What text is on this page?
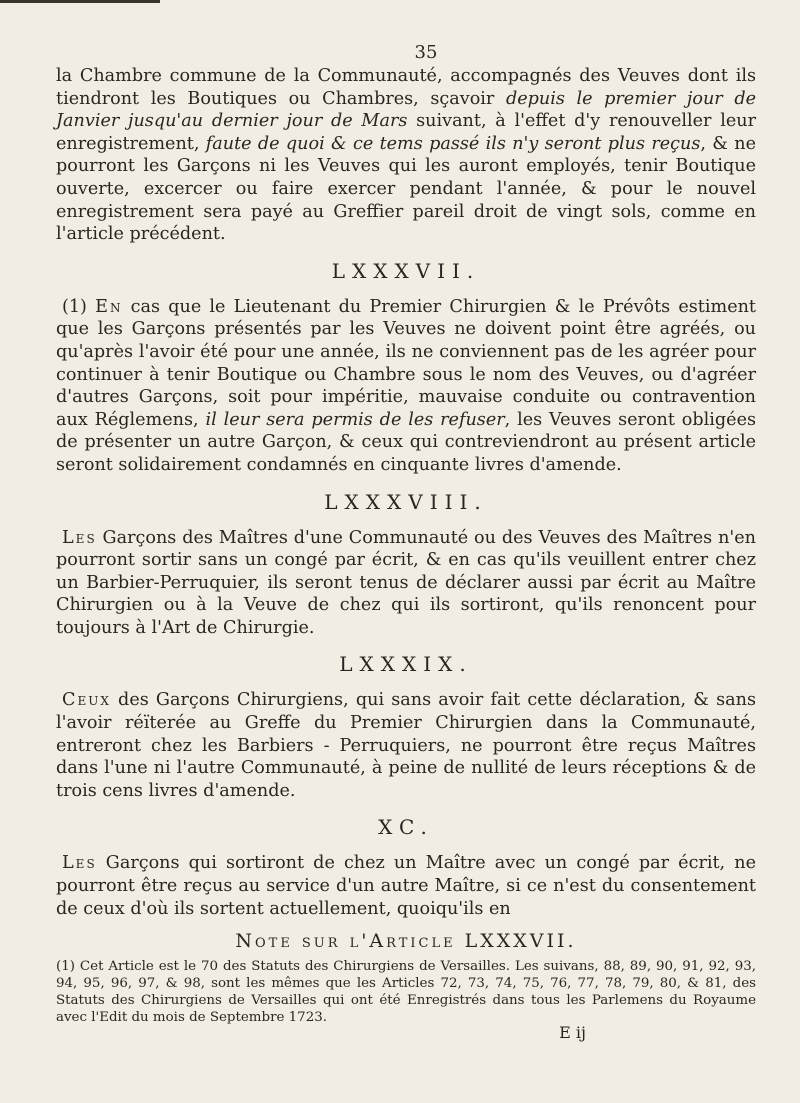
35

la Chambre commune de la Communauté, accompagnés des Veuves dont ils tiendront les Boutiques ou Chambres, sçavoir depuis le premier jour de Janvier jusqu'au dernier jour de Mars suivant, à l'effet d'y renouveller leur enregistrement, faute de quoi & ce tems passé ils n'y seront plus reçus, & ne pourront les Garçons ni les Veuves qui les auront employés, tenir Boutique ouverte, excercer ou faire exercer pendant l'année, & pour le nouvel enregistrement sera payé au Greffier pareil droit de vingt sols, comme en l'article précédent.

LXXXVII.

(1) En cas que le Lieutenant du Premier Chirurgien & le Prévôts estiment que les Garçons présentés par les Veuves ne doivent point être agréés, ou qu'après l'avoir été pour une année, ils ne conviennent pas de les agréer pour continuer à tenir Boutique ou Chambre sous le nom des Veuves, ou d'agréer d'autres Garçons, soit pour impéritie, mauvaise conduite ou contravention aux Réglemens, il leur sera permis de les refuser, les Veuves seront obligées de présenter un autre Garçon, & ceux qui contreviendront au présent article seront solidairement condamnés en cinquante livres d'amende.

LXXXVIII.

Les Garçons des Maîtres d'une Communauté ou des Veuves des Maîtres n'en pourront sortir sans un congé par écrit, & en cas qu'ils veuillent entrer chez un Barbier-Perruquier, ils seront tenus de déclarer aussi par écrit au Maître Chirurgien ou à la Veuve de chez qui ils sortiront, qu'ils renoncent pour toujours à l'Art de Chirurgie.

LXXXIX.

Ceux des Garçons Chirurgiens, qui sans avoir fait cette déclaration, & sans l'avoir réïterée au Greffe du Premier Chirurgien dans la Communauté, entreront chez les Barbiers - Perruquiers, ne pourront être reçus Maîtres dans l'une ni l'autre Communauté, à peine de nullité de leurs réceptions & de trois cens livres d'amende.

XC.

Les Garçons qui sortiront de chez un Maître avec un congé par écrit, ne pourront être reçus au service d'un autre Maître, si ce n'est du consentement de ceux d'où ils sortent actuellement, quoiqu'ils en

Note sur l'Article LXXXVII.

(1) Cet Article est le 70 des Statuts des Chirurgiens de Versailles. Les suivans, 88, 89, 90, 91, 92, 93, 94, 95, 96, 97, & 98, sont les mêmes que les Articles 72, 73, 74, 75, 76, 77, 78, 79, 80, & 81, des Statuts des Chirurgiens de Versailles qui ont été Enregistrés dans tous les Parlemens du Royaume avec l'Edit du mois de Septembre 1723.

E ij
